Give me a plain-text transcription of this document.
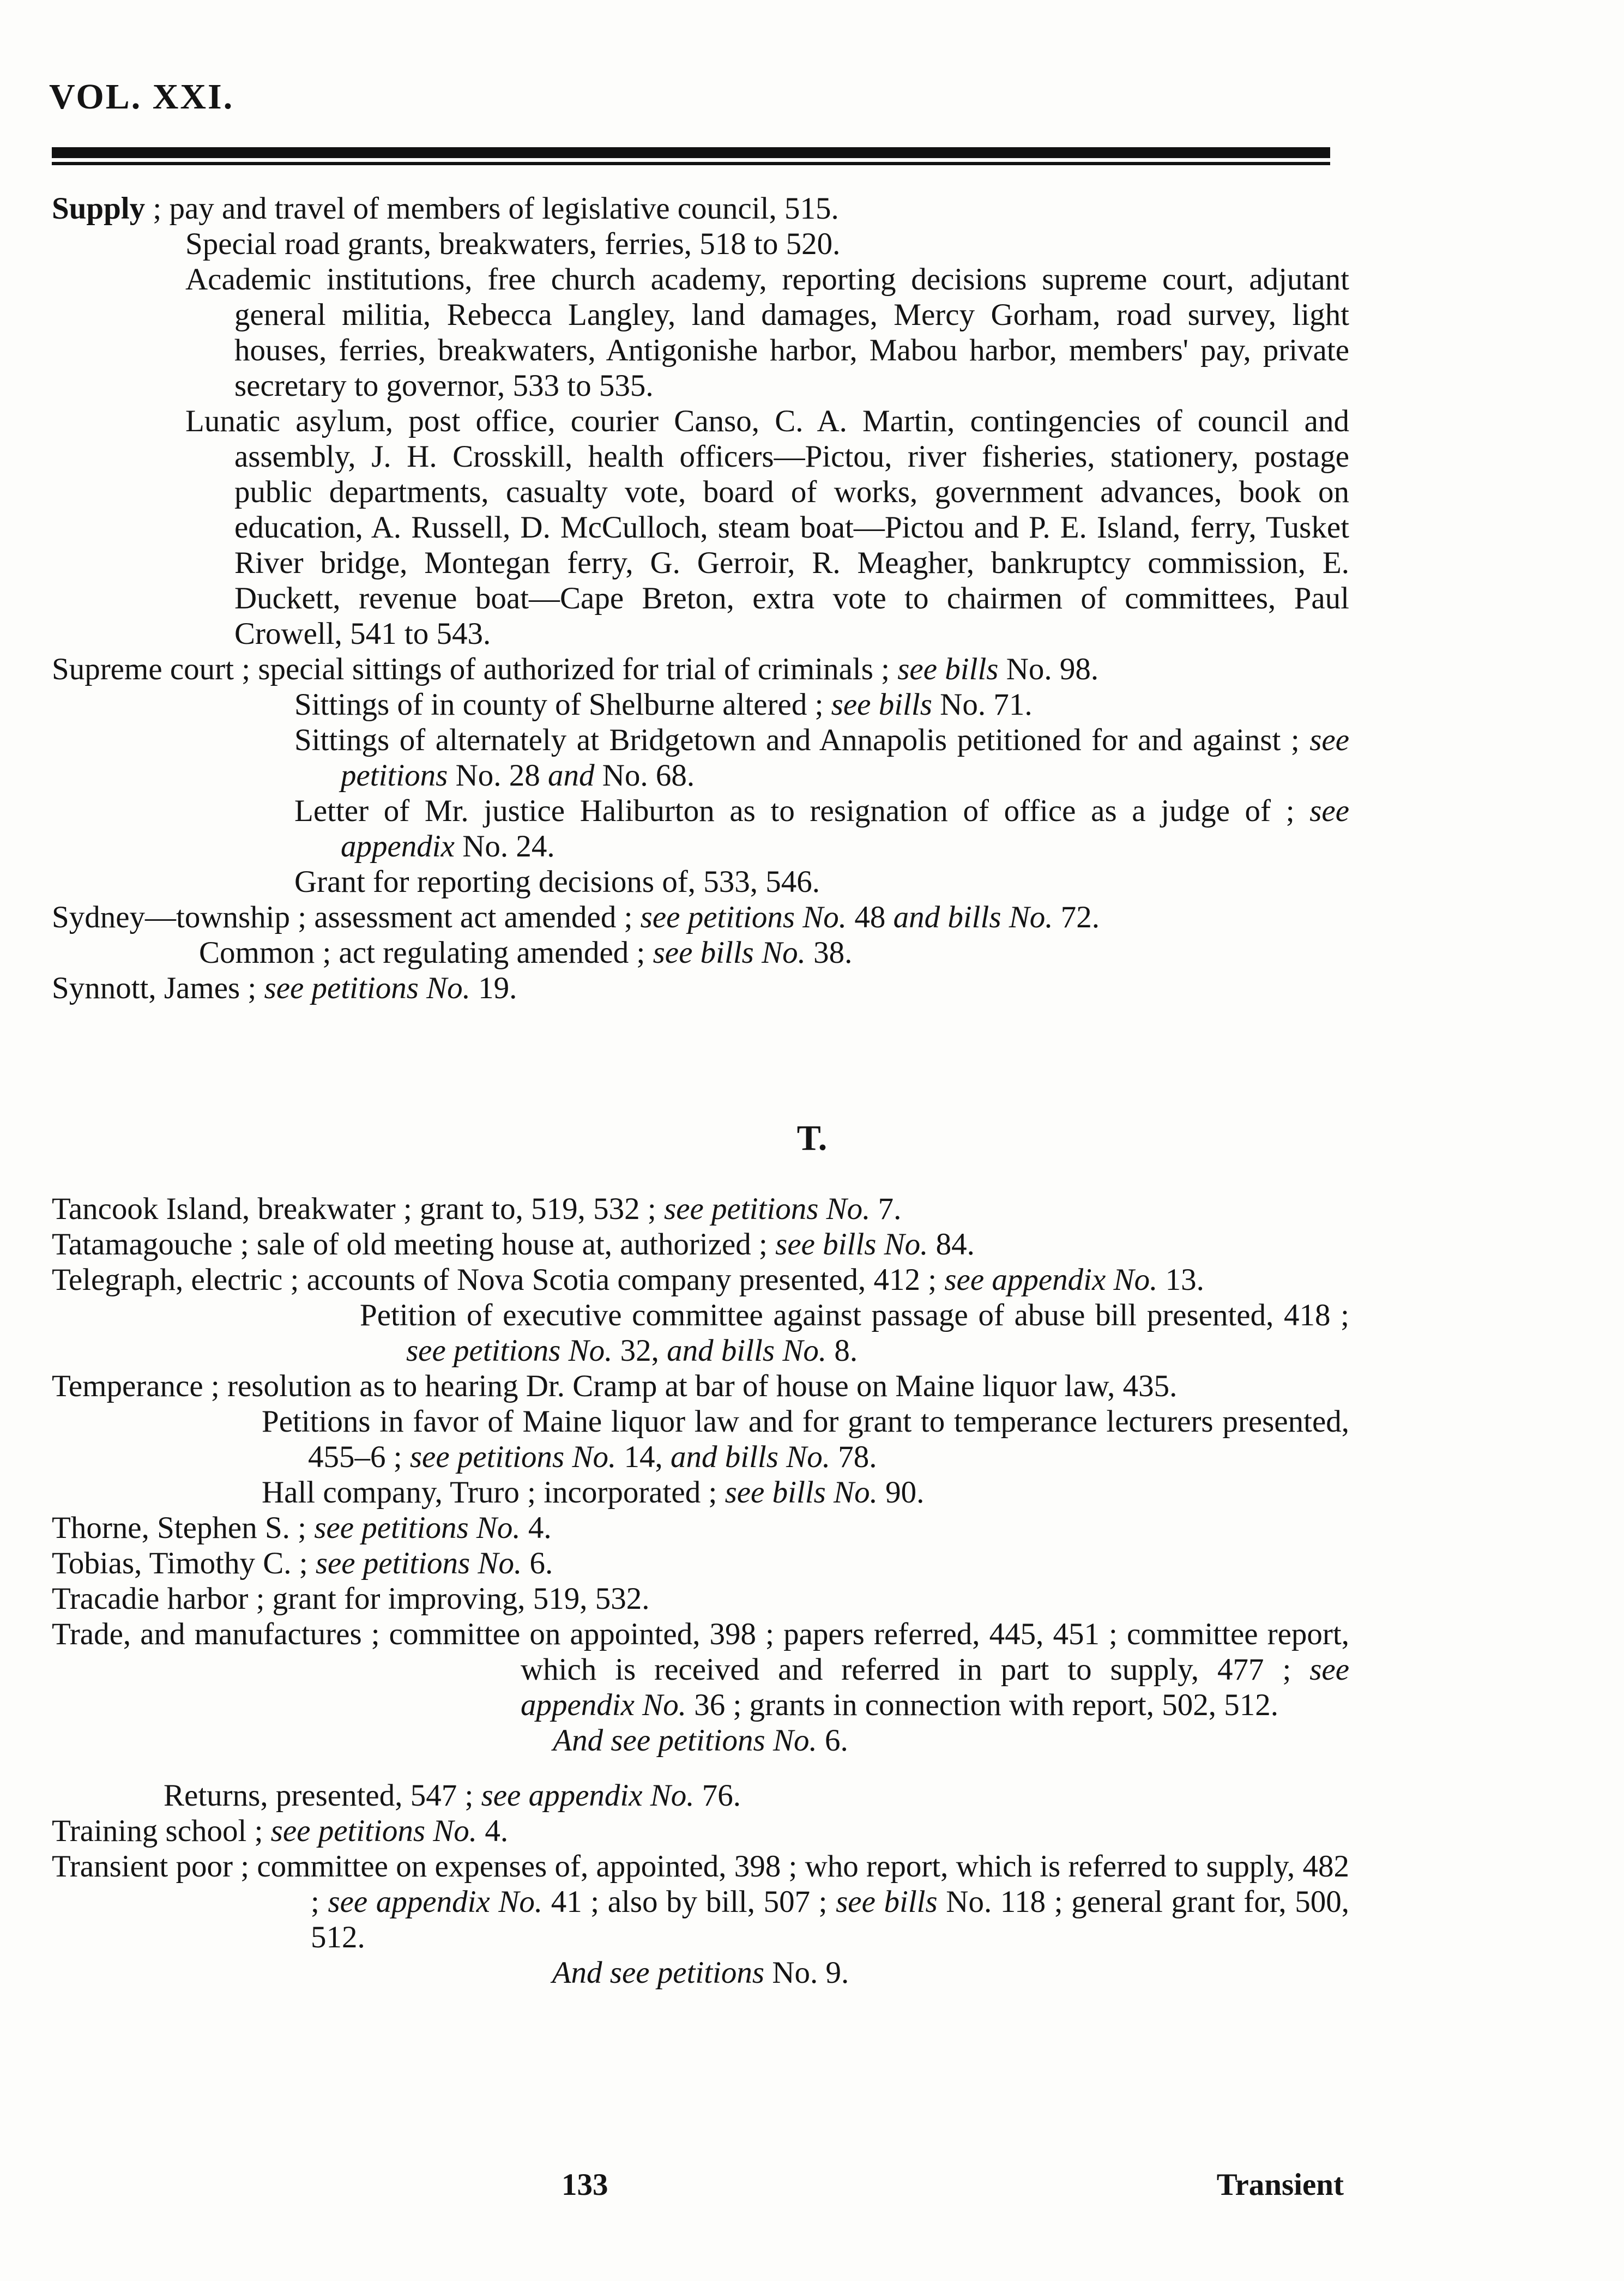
VOL. XXI.
Supply ; pay and travel of members of legislative council, 515.
Special road grants, breakwaters, ferries, 518 to 520.
Academic institutions, free church academy, reporting decisions supreme court, adjutant general militia, Rebecca Langley, land damages, Mercy Gorham, road survey, light houses, ferries, breakwaters, Antigonishe harbor, Mabou harbor, members' pay, private secretary to governor, 533 to 535.
Lunatic asylum, post office, courier Canso, C. A. Martin, contingencies of council and assembly, J. H. Crosskill, health officers—Pictou, river fisheries, stationery, postage public departments, casualty vote, board of works, government advances, book on education, A. Russell, D. McCulloch, steam boat—Pictou and P. E. Island, ferry, Tusket River bridge, Montegan ferry, G. Gerroir, R. Meagher, bankruptcy commission, E. Duckett, revenue boat—Cape Breton, extra vote to chairmen of committees, Paul Crowell, 541 to 543.
Supreme court ; special sittings of authorized for trial of criminals ; see bills No. 98.
Sittings of in county of Shelburne altered ; see bills No. 71.
Sittings of alternately at Bridgetown and Annapolis petitioned for and against ; see petitions No. 28 and No. 68.
Letter of Mr. justice Haliburton as to resignation of office as a judge of ; see appendix No. 24.
Grant for reporting decisions of, 533, 546.
Sydney—township ; assessment act amended ; see petitions No. 48 and bills No. 72.
Common ; act regulating amended ; see bills No. 38.
Synnott, James ; see petitions No. 19.
T.
Tancook Island, breakwater ; grant to, 519, 532 ; see petitions No. 7.
Tatamagouche ; sale of old meeting house at, authorized ; see bills No. 84.
Telegraph, electric ; accounts of Nova Scotia company presented, 412 ; see appendix No. 13.
Petition of executive committee against passage of abuse bill presented, 418 ; see petitions No. 32, and bills No. 8.
Temperance ; resolution as to hearing Dr. Cramp at bar of house on Maine liquor law, 435.
Petitions in favor of Maine liquor law and for grant to temperance lecturers presented, 455–6 ; see petitions No. 14, and bills No. 78.
Hall company, Truro ; incorporated ; see bills No. 90.
Thorne, Stephen S. ; see petitions No. 4.
Tobias, Timothy C. ; see petitions No. 6.
Tracadie harbor ; grant for improving, 519, 532.
Trade, and manufactures ; committee on appointed, 398 ; papers referred, 445, 451 ; committee report, which is received and referred in part to supply, 477 ; see appendix No. 36 ; grants in connection with report, 502, 512.
And see petitions No. 6.
Returns, presented, 547 ; see appendix No. 76.
Training school ; see petitions No. 4.
Transient poor ; committee on expenses of, appointed, 398 ; who report, which is referred to supply, 482 ; see appendix No. 41 ; also by bill, 507 ; see bills No. 118 ; general grant for, 500, 512.
And see petitions No. 9.
133	Transient
